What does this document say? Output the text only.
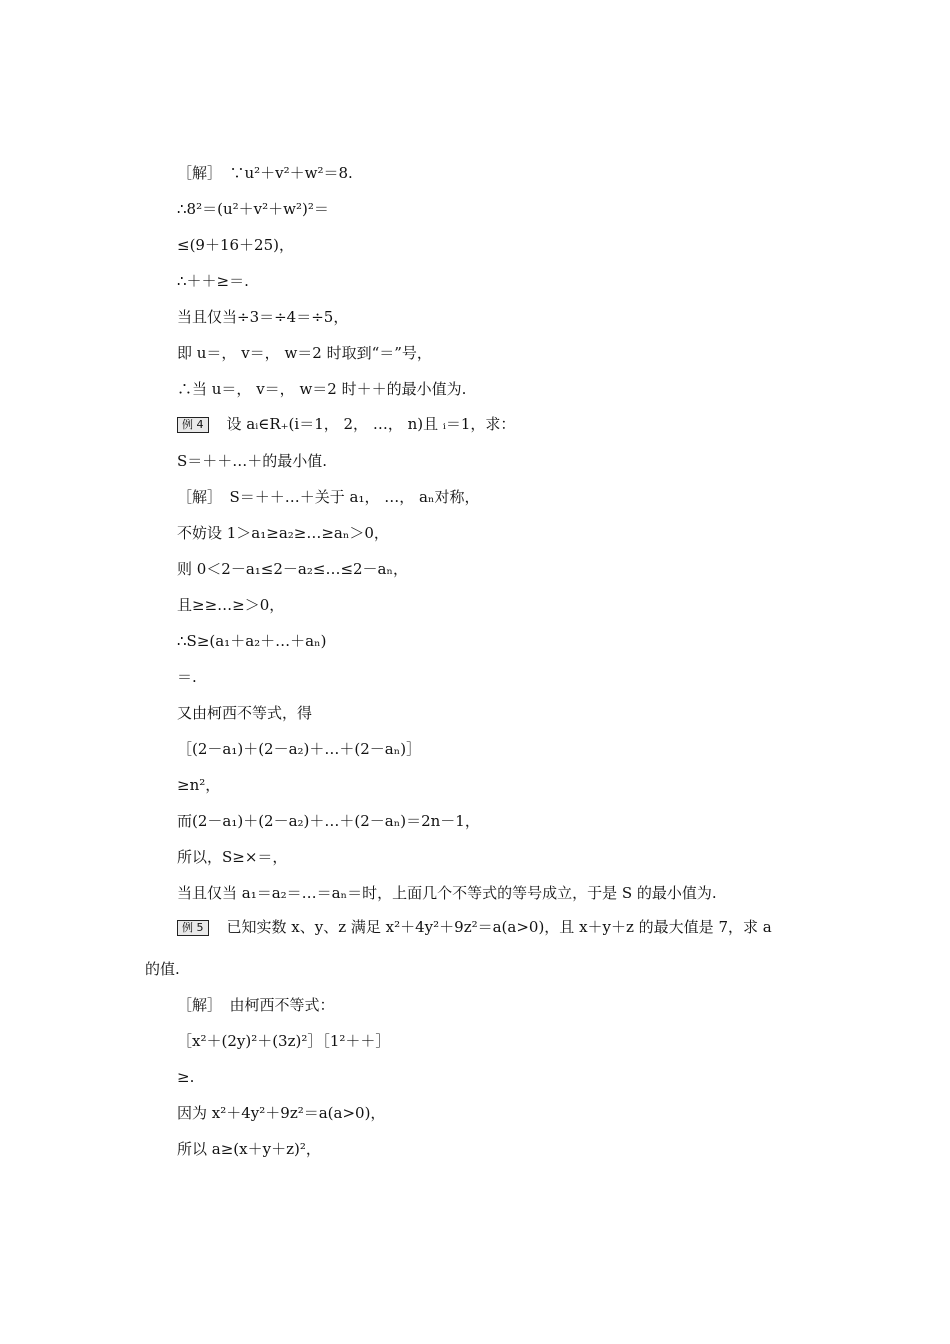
［解］　∵u²＋v²＋w²＝8.
∴8²＝(u²＋v²＋w²)²＝
≤(9＋16＋25)，
∴＋＋≥＝.
当且仅当÷3＝÷4＝÷5，
即 u＝， v＝， w＝2 时取到“＝”号，
∴当 u＝， v＝， w＝2 时＋＋的最小值为.
例 4 设 aᵢ∈R₊(i＝1， 2， …， n)且 ᵢ＝1，求：
S＝＋＋…＋的最小值.
［解］　S＝＋＋…＋关于 a₁， …， aₙ对称，
不妨设 1＞a₁≥a₂≥…≥aₙ＞0，
则 0＜2－a₁≤2－a₂≤…≤2－aₙ，
且≥≥…≥＞0，
∴S≥(a₁＋a₂＋…＋aₙ)
＝.
又由柯西不等式，得
［(2－a₁)＋(2－a₂)＋…＋(2－aₙ)］
≥n²，
而(2－a₁)＋(2－a₂)＋…＋(2－aₙ)＝2n－1，
所以，S≥×＝，
当且仅当 a₁＝a₂＝…＝aₙ＝时，上面几个不等式的等号成立，于是 S 的最小值为.
例 5 已知实数 x、y、z 满足 x²＋4y²＋9z²＝a(a>0)，且 x＋y＋z 的最大值是 7，求 a
的值.
［解］　由柯西不等式：
［x²＋(2y)²＋(3z)²］［1²＋＋］
≥.
因为 x²＋4y²＋9z²＝a(a>0)，
所以 a≥(x＋y＋z)²，
